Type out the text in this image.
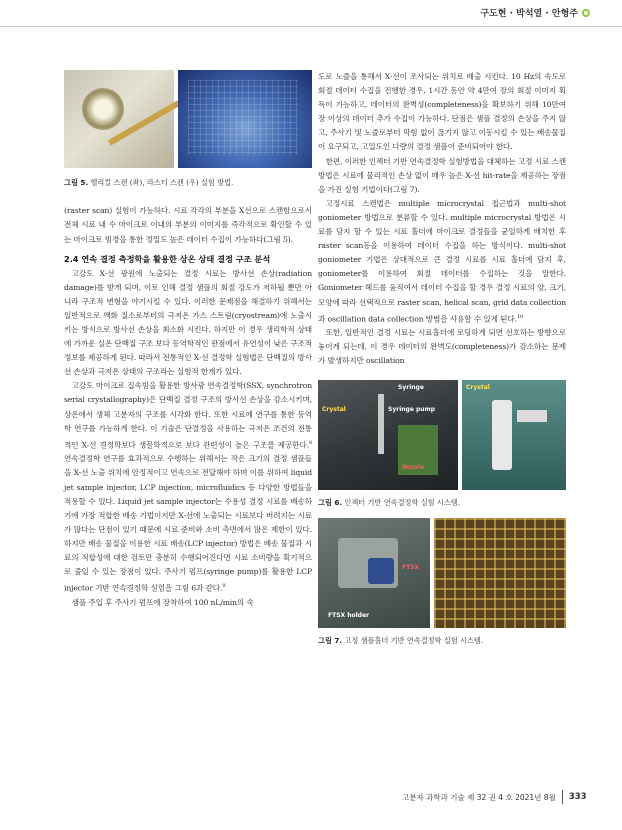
구도현 · 박석열 · 안형주
그림 5. 헬리컬 스캔 (좌), 라스터 스캔 (우) 실험 방법.

(raster scan) 실험이 가능하다. 시료 각각의 부분을 X선으로 스캔함으로서 전체 시료 내 수 마이크로 이내의 부분의 이미지를 즉각적으로 확인할 수 있는 마이크로 빔경을 통한 정밀도 높은 데이터 수집이 가능하다(그림 5).

2.4 연속 결정 측정학을 활용한 상온 상태 결정 구조 분석

고강도 X-선 광원에 노출되는 결정 시료는 방사선 손상(radiation damage)를 받게 되며, 이로 인해 결정 샘플의 회절 강도가 저하될 뿐만 아니라 구조적 변형을 야기시킬 수 있다. 이러한 문제점을 해결하기 위해서는 일반적으로 액화 질소로부터의 극저온 가스 스트림(cryostream)에 노출시키는 방식으로 방사선 손상을 최소화 시킨다. 하지만 이 경우 생리학적 상태에 가까운 실온 단백질 구조 보다 동역학적인 관점에서 유연성이 낮은 구조적 정보를 제공하게 된다. 따라서 전통적인 X-선 결정학 실험법은 단백질의 방사선 손상과 극저온 상태의 구조라는 실험적 한계가 있다.

고강도 마이크로 집속빔을 활용한 방사광 연속결정학(SSX, synchrotron serial crystallography)은 단백질 결정 구조의 방사선 손상을 감소시키며, 상온에서 생체 고분자의 구조를 시각화 한다. 또한 시료에 연구를 통한 동역학 연구를 가능하게 한다. 이 기술은 단결정을 사용하는 극저온 조건의 전통적인 X-선 결정학보다 생물학적으로 보다 관련성이 높은 구조를 제공한다.$^8$ 연속결정학 연구를 효과적으로 수행하는 위해서는 작은 크기의 결정 샘플들을 X-선 노출 위치에 안정적이고 연속으로 전달해야 하며 이를 위하여 liquid jet sample injector, LCP injection, microfluidics 등 다양한 방법들을 적용할 수 있다. Liquid jet sample injector는 수용성 결정 시료를 배송하기에 가장 적합한 배송 기법이지만 X-선에 노출되는 시료보다 버려지는 시료가 많다는 단점이 있기 때문에 시료 준비와 소비 측면에서 많은 제한이 있다. 하지만 배송 물질을 이용한 시료 배송(LCP injector) 방법은 배송 물질과 시료의 적합성에 대한 검토만 충분히 수행되어진다면 시료 소비량을 획기적으로 줄일 수 있는 장점이 있다. 주사기 펌프(syringe pump)를 활용한 LCP injector 기반 연속결정학 실험을 그림 6과 같다.$^9$

샘플 주입 후 주사기 펌프에 장착하여 100 nL/min의 속

도로 노즐을 통해서 X-선이 조사되는 위치로 배출 시킨다. 10 Hz의 속도로 회절 데이터 수집을 진행한 경우, 1시간 동안 약 4만여 장의 회절 이미지 획득이 가능하고, 데이터의 완벽성(completeness)을 확보하기 위해 10만여 장 이상의 데이터 추가 수집이 가능하다. 단점은 샘플 결정의 손상을 주지 않고, 주사기 및 노즐로부터 막힘 없이 끊기지 않고 이동시킬 수 있는 배송물질이 요구되고, 고밀도인 다량의 결정 샘플이 준비되어야 한다.

한편, 이러한 인젝터 기반 연속결정학 실험방법을 대체하는 고정 시료 스캔 방법은 시료에 물리적인 손상 없이 매우 높은 X-선 hit-rate을 제공하는 장점을 가진 실험 기법이다(그림 7).

고정시료 스캔법은 multiple microcrystal 접근법과 multi-shot goniometer 방법으로 분류할 수 있다. multiple microcrystal 방법은 시료를 담지 할 수 있는 시료 홀더에 마이크로 결정들을 균일하게 배치한 후 raster scan등을 이용하여 데이터 수집을 하는 방식이다. multi-shot goniometer 기법은 상대적으로 큰 결정 시료를 시료 홀더에 담지 후, goniometer를 이용하여 회절 데이터를 수집하는 것을 말한다. Goniometer 헤드를 움직여서 데이터 수집을 할 경우 결정 시료의 양, 크기, 모양에 따라 선택적으로 raster scan, helical scan, grid data collection과 oscillation data collection 방법을 사용할 수 있게 된다.$^{10}$

또한, 일반적인 결정 시료는 시료홀더에 로딩하게 되면 선호하는 방향으로 놓이게 되는데, 이 경우 데이터의 완벽도(completeness)가 감소하는 문제가 발생하지만 oscillation

Syringe
Crystal	Syringe pump
Nozzle
Crystal
그림 6. 인젝터 기반 연속결정학 실험 시스템.
FTSX
FTSX holder
그림 7. 고정 샘플홀더 기반 연속결정학 실험 시스템.
고분자 과학과 기술 제 32 권 4 호 2021년 8월 333
